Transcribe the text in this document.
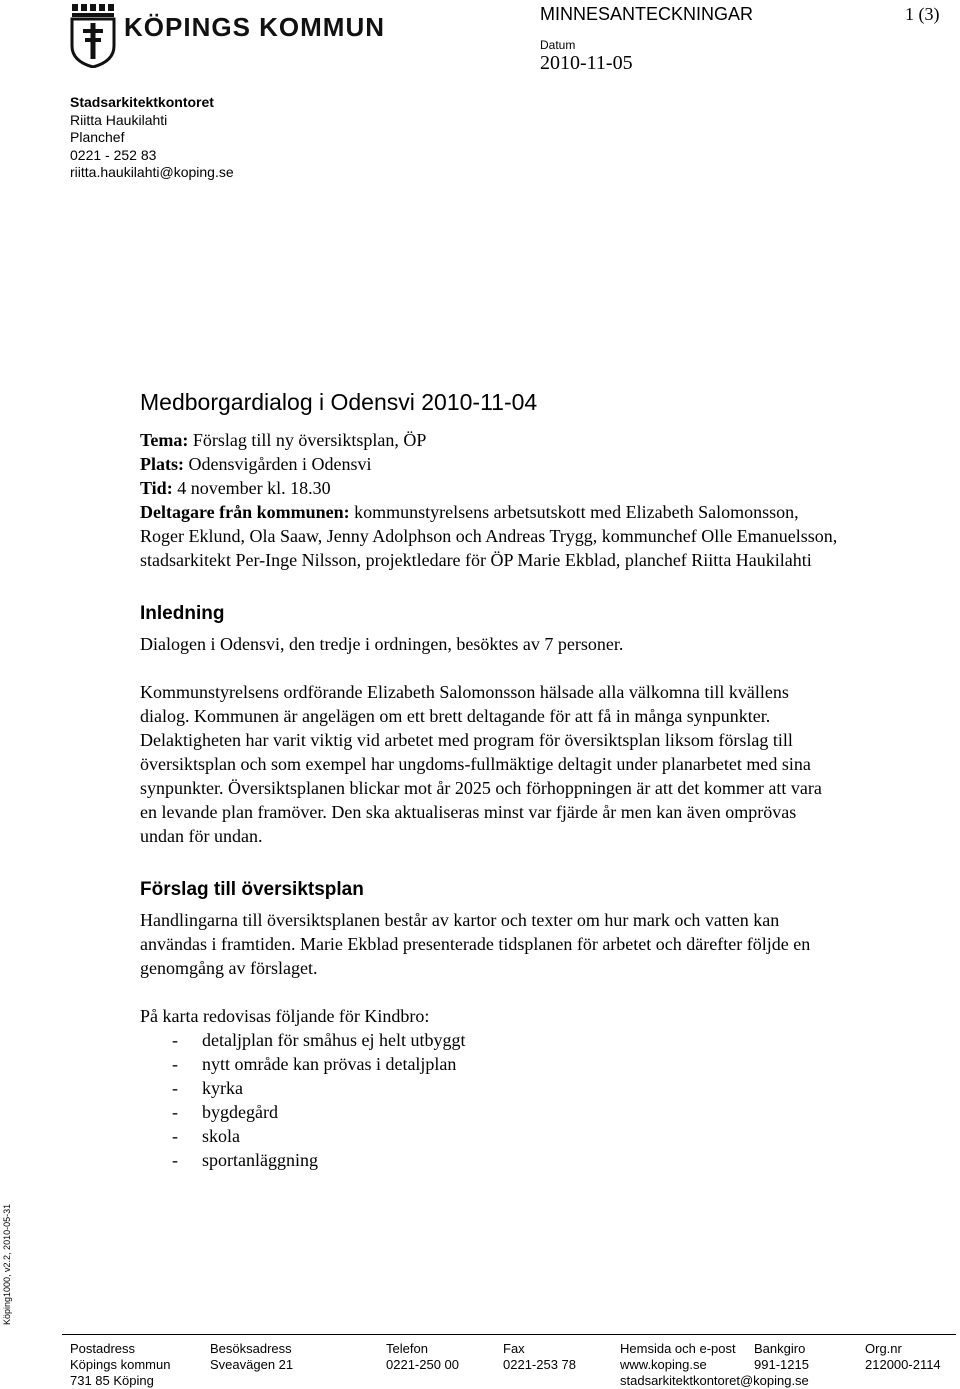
KÖPINGS KOMMUN	MINNESANTECKNINGAR	1 (3)
Datum
2010-11-05
Stadsarkitektkontoret
Riitta Haukilahti
Planchef
0221 - 252 83
riitta.haukilahti@koping.se
Medborgardialog i Odensvi 2010-11-04

Tema: Förslag till ny översiktsplan, ÖP

Plats: Odensvigården i Odensvi

Tid: 4 november kl. 18.30

Deltagare från kommunen: kommunstyrelsens arbetsutskott med Elizabeth Salomonsson, Roger Eklund, Ola Saaw, Jenny Adolphson och Andreas Trygg, kommunchef Olle Emanuelsson, stadsarkitekt Per-Inge Nilsson, projektledare för ÖP Marie Ekblad, planchef Riitta Haukilahti

Inledning

Dialogen i Odensvi, den tredje i ordningen, besöktes av 7 personer.

Kommunstyrelsens ordförande Elizabeth Salomonsson hälsade alla välkomna till kvällens dialog. Kommunen är angelägen om ett brett deltagande för att få in många synpunkter. Delaktigheten har varit viktig vid arbetet med program för översiktsplan liksom förslag till översiktsplan och som exempel har ungdoms-fullmäktige deltagit under planarbetet med sina synpunkter. Översiktsplanen blickar mot år 2025 och förhoppningen är att det kommer att vara en levande plan framöver. Den ska aktualiseras minst var fjärde år men kan även omprövas undan för undan.

Förslag till översiktsplan

Handlingarna till översiktsplanen består av kartor och texter om hur mark och vatten kan användas i framtiden. Marie Ekblad presenterade tidsplanen för arbetet och därefter följde en genomgång av förslaget.

På karta redovisas följande för Kindbro:

- detaljplan för småhus ej helt utbyggt
- nytt område kan prövas i detaljplan
- kyrka
- bygdegård
- skola
- sportanläggning
Köping1000, v2.2, 2010-05-31
Postadress
Köpings kommun
731 85 Köping
Besöksadress
Sveavägen 21
Telefon
0221-250 00
Fax
0221-253 78
Hemsida och e-post
www.koping.se
stadsarkitektkontoret@koping.se
Bankgiro
991-1215
Org.nr
212000-2114
